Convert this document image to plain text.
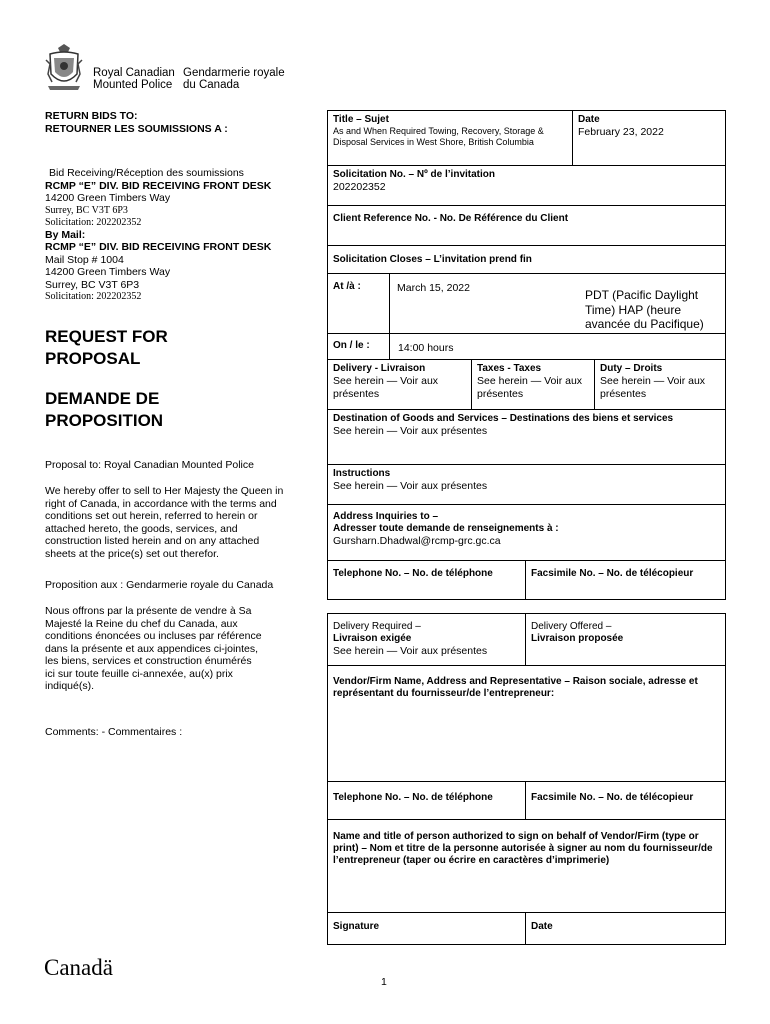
Royal Canadian
Mounted Police
Gendarmerie royale
du Canada
RETURN BIDS TO:
RETOURNER LES SOUMISSIONS A :
Bid Receiving/Réception des soumissions
RCMP “E” DIV. BID RECEIVING FRONT DESK
14200 Green Timbers Way
Surrey, BC V3T 6P3
Solicitation: 202202352
By Mail:
RCMP “E” DIV. BID RECEIVING FRONT DESK
Mail Stop # 1004
14200 Green Timbers Way
Surrey, BC V3T 6P3
Solicitation: 202202352
REQUEST FOR
PROPOSAL
DEMANDE DE
PROPOSITION
Proposal to: Royal Canadian Mounted Police
We hereby offer to sell to Her Majesty the Queen in
right of Canada, in accordance with the terms and
conditions set out herein, referred to herein or
attached hereto, the goods, services, and
construction listed herein and on any attached
sheets at the price(s) set out therefor.
Proposition aux : Gendarmerie royale du Canada
Nous offrons par la présente de vendre à Sa
Majesté la Reine du chef du Canada, aux
conditions énoncées ou incluses par référence
dans la présente et aux appendices ci-jointes,
les biens, services et construction énumérés
ici sur toute feuille ci-annexée, au(x) prix
indiqué(s).
Comments: - Commentaires :
Title – Sujet
As and When Required Towing, Recovery, Storage & Disposal Services in West Shore, British Columbia
Date
February 23, 2022
Solicitation No. – Nº de l’invitation
202202352
Client Reference No. - No. De Référence du Client
Solicitation Closes – L’invitation prend fin
At /à :	March 15, 2022	PDT (Pacific Daylight
Time) HAP (heure
avancée du Pacifique)
On / le :	14:00 hours
Delivery - Livraison
See herein — Voir aux présentes
Taxes - Taxes
See herein — Voir aux présentes
Duty – Droits
See herein — Voir aux présentes
Destination of Goods and Services – Destinations des biens et services
See herein — Voir aux présentes
Instructions
See herein — Voir aux présentes
Address Inquiries to –
Adresser toute demande de renseignements à :
Gursharn.Dhadwal@rcmp-grc.gc.ca
Telephone No. – No. de téléphone	Facsimile No. – No. de télécopieur
Delivery Required –
Livraison exigée
See herein — Voir aux présentes
Delivery Offered –
Livraison proposée
Vendor/Firm Name, Address and Representative – Raison sociale, adresse et représentant du fournisseur/de l’entrepreneur:
Telephone No. – No. de téléphone	Facsimile No. – No. de télécopieur
Name and title of person authorized to sign on behalf of Vendor/Firm (type or print) – Nom et titre de la personne autorisée à signer au nom du fournisseur/de l’entrepreneur (taper ou écrire en caractères d’imprimerie)
Signature	Date
Canadä
1
